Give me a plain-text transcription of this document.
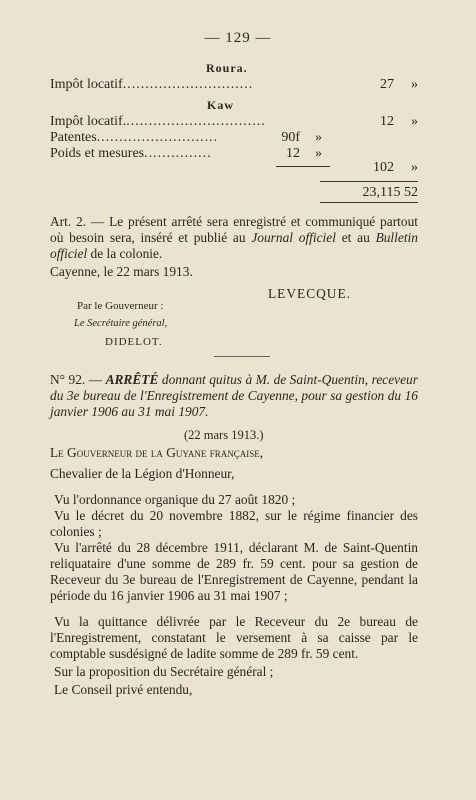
— 129 —
Roura.
Impôt locatif.............................	27	»
Kaw
Impôt locatif................................	12	»
Patentes...........................	90f	»
Poids et mesures...............	12	»
102	»
23,115 52
Art. 2. — Le présent arrêté sera enregistré et communiqué partout où besoin sera, inséré et publié au Journal officiel et au Bulletin officiel de la colonie.
Cayenne, le 22 mars 1913.
LEVECQUE.
Par le Gouverneur :
Le Secrétaire général,
DIDELOT.
N° 92. — ARRÊTÉ donnant quitus à M. de Saint-Quentin, receveur du 3e bureau de l'Enregistrement de Cayenne, pour sa gestion du 16 janvier 1906 au 31 mai 1907.
(22 mars 1913.)
Le Gouverneur de la Guyane française,
Chevalier de la Légion d'Honneur,
Vu l'ordonnance organique du 27 août 1820 ;
Vu le décret du 20 novembre 1882, sur le régime financier des colonies ;
Vu l'arrêté du 28 décembre 1911, déclarant M. de Saint-Quentin reliquataire d'une somme de 289 fr. 59 cent. pour sa gestion de Receveur du 3e bureau de l'Enregistrement de Cayenne, pendant la période du 16 janvier 1906 au 31 mai 1907 ;
Vu la quittance délivrée par le Receveur du 2e bureau de l'Enregistrement, constatant le versement à sa caisse par le comptable susdésigné de ladite somme de 289 fr. 59 cent.
Sur la proposition du Secrétaire général ;
Le Conseil privé entendu,
